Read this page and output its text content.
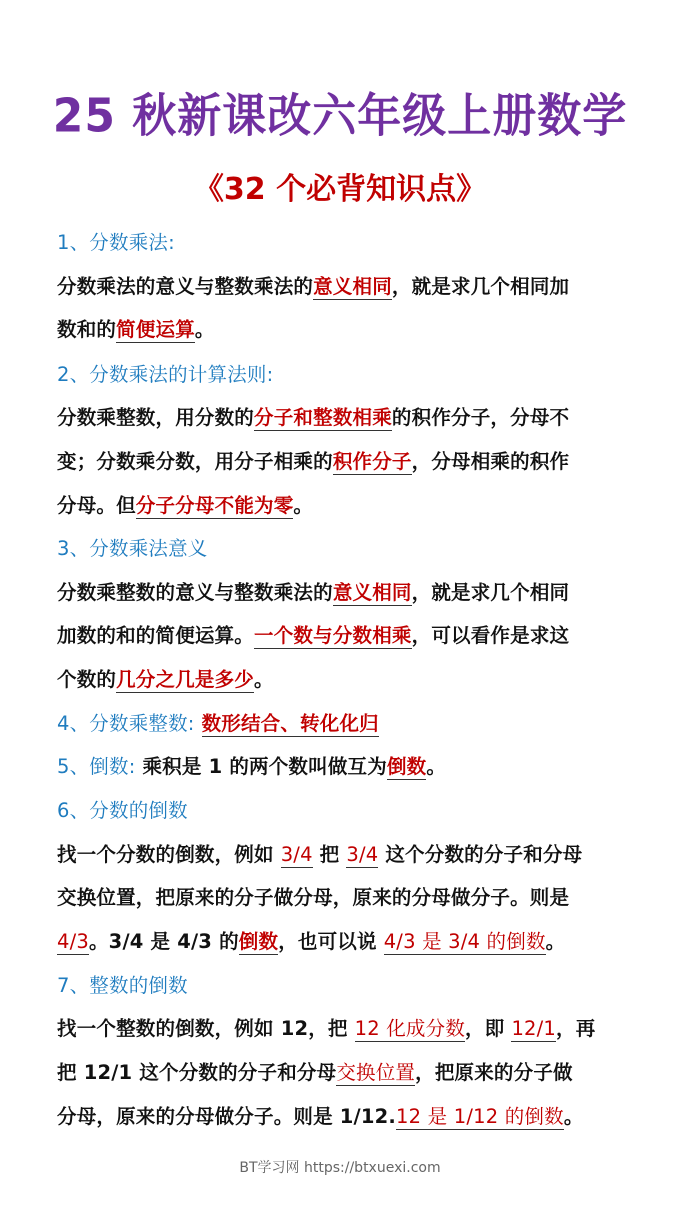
25 秋新课改六年级上册数学
《32 个必背知识点》
1、分数乘法:
分数乘法的意义与整数乘法的意义相同，就是求几个相同加
数和的简便运算。
2、分数乘法的计算法则:
分数乘整数，用分数的分子和整数相乘的积作分子，分母不
变；分数乘分数，用分子相乘的积作分子，分母相乘的积作
分母。但分子分母不能为零。
3、分数乘法意义
分数乘整数的意义与整数乘法的意义相同，就是求几个相同
加数的和的简便运算。一个数与分数相乘，可以看作是求这
个数的几分之几是多少。
4、分数乘整数: 数形结合、转化化归
5、倒数: 乘积是 1 的两个数叫做互为倒数。
6、分数的倒数
找一个分数的倒数，例如 3/4 把 3/4 这个分数的分子和分母
交换位置，把原来的分子做分母，原来的分母做分子。则是
4/3。3/4 是 4/3 的倒数，也可以说 4/3 是 3/4 的倒数。
7、整数的倒数
找一个整数的倒数，例如 12，把 12 化成分数，即 12/1，再
把 12/1 这个分数的分子和分母交换位置，把原来的分子做
分母，原来的分母做分子。则是 1/12.12 是 1/12 的倒数。
BT学习网 https://btxuexi.com
